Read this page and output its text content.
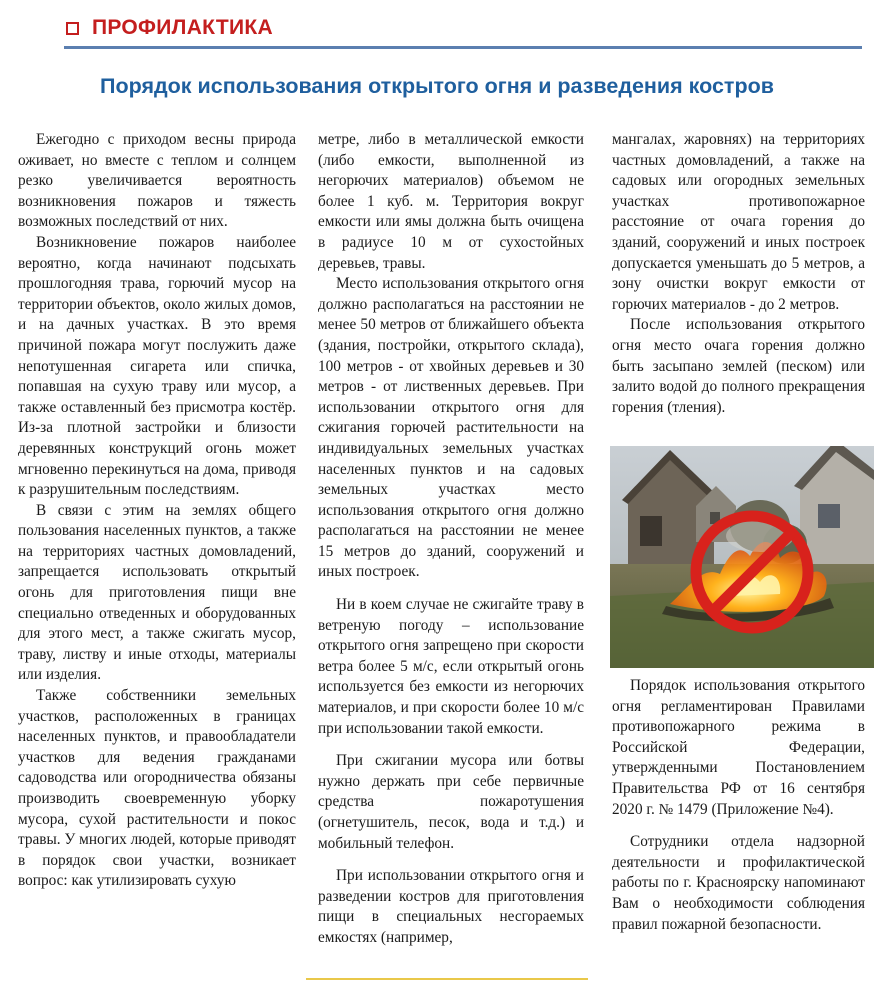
ПРОФИЛАКТИКА
Порядок использования открытого огня и разведения костров

Ежегодно с приходом весны природа оживает, но вместе с теплом и солнцем резко увеличивается вероятность возникновения пожаров и тяжесть возможных последствий от них.

Возникновение пожаров наиболее вероятно, когда начинают подсыхать прошлогодняя трава, горючий мусор на территории объектов, около жилых домов, и на дачных участках. В это время причиной пожара могут послужить даже непотушенная сигарета или спичка, попавшая на сухую траву или мусор, а также оставленный без присмотра костёр. Из-за плотной застройки и близости деревянных конструкций огонь может мгновенно перекинуться на дома, приводя к разрушительным последствиям.

В связи с этим на землях общего пользования населенных пунктов, а также на территориях частных домовладений, запрещается использовать открытый огонь для приготовления пищи вне специально отведенных и оборудованных для этого мест, а также сжигать мусор, траву, листву и иные отходы, материалы или изделия.

Также собственники земельных участков, расположенных в границах населенных пунктов, и правообладатели участков для ведения гражданами садоводства или огородничества обязаны производить своевременную уборку мусора, сухой растительности и покос травы. У многих людей, которые приводят в порядок свои участки, возникает вопрос: как утилизировать сухую

метре, либо в металлической емкости (либо емкости, выполненной из негорючих материалов) объемом не более 1 куб. м. Территория вокруг емкости или ямы должна быть очищена в радиусе 10 м от сухостойных деревьев, травы.

Место использования открытого огня должно располагаться на расстоянии не менее 50 метров от ближайшего объекта (здания, постройки, открытого склада), 100 метров - от хвойных деревьев и 30 метров - от лиственных деревьев. При использовании открытого огня для сжигания горючей растительности на индивидуальных земельных участках населенных пунктов и на садовых земельных участках место использования открытого огня должно располагаться на расстоянии не менее 15 метров до зданий, сооружений и иных построек.

Ни в коем случае не сжигайте траву в ветреную погоду – использование открытого огня запрещено при скорости ветра более 5 м/с, если открытый огонь используется без емкости из негорючих материалов, и при скорости более 10 м/с при использовании такой емкости.

При сжигании мусора или ботвы нужно держать при себе первичные средства пожаротушения (огнетушитель, песок, вода и т.д.) и мобильный телефон.

При использовании открытого огня и разведении костров для приготовления пищи в специальных несгораемых емкостях (например,

мангалах, жаровнях) на территориях частных домовладений, а также на садовых или огородных земельных участках противопожарное расстояние от очага горения до зданий, сооружений и иных построек допускается уменьшать до 5 метров, а зону очистки вокруг емкости от горючих материалов - до 2 метров.

После использования открытого огня место очага горения должно быть засыпано землей (песком) или залито водой до полного прекращения горения (тления).

Порядок использования открытого огня регламентирован Правилами противопожарного режима в Российской Федерации, утвержденными Постановлением Правительства РФ от 16 сентября 2020 г. № 1479 (Приложение №4).

Сотрудники отдела надзорной деятельности и профилактической работы по г. Красноярску напоминают Вам о необходимости соблюдения правил пожарной безопасности.
